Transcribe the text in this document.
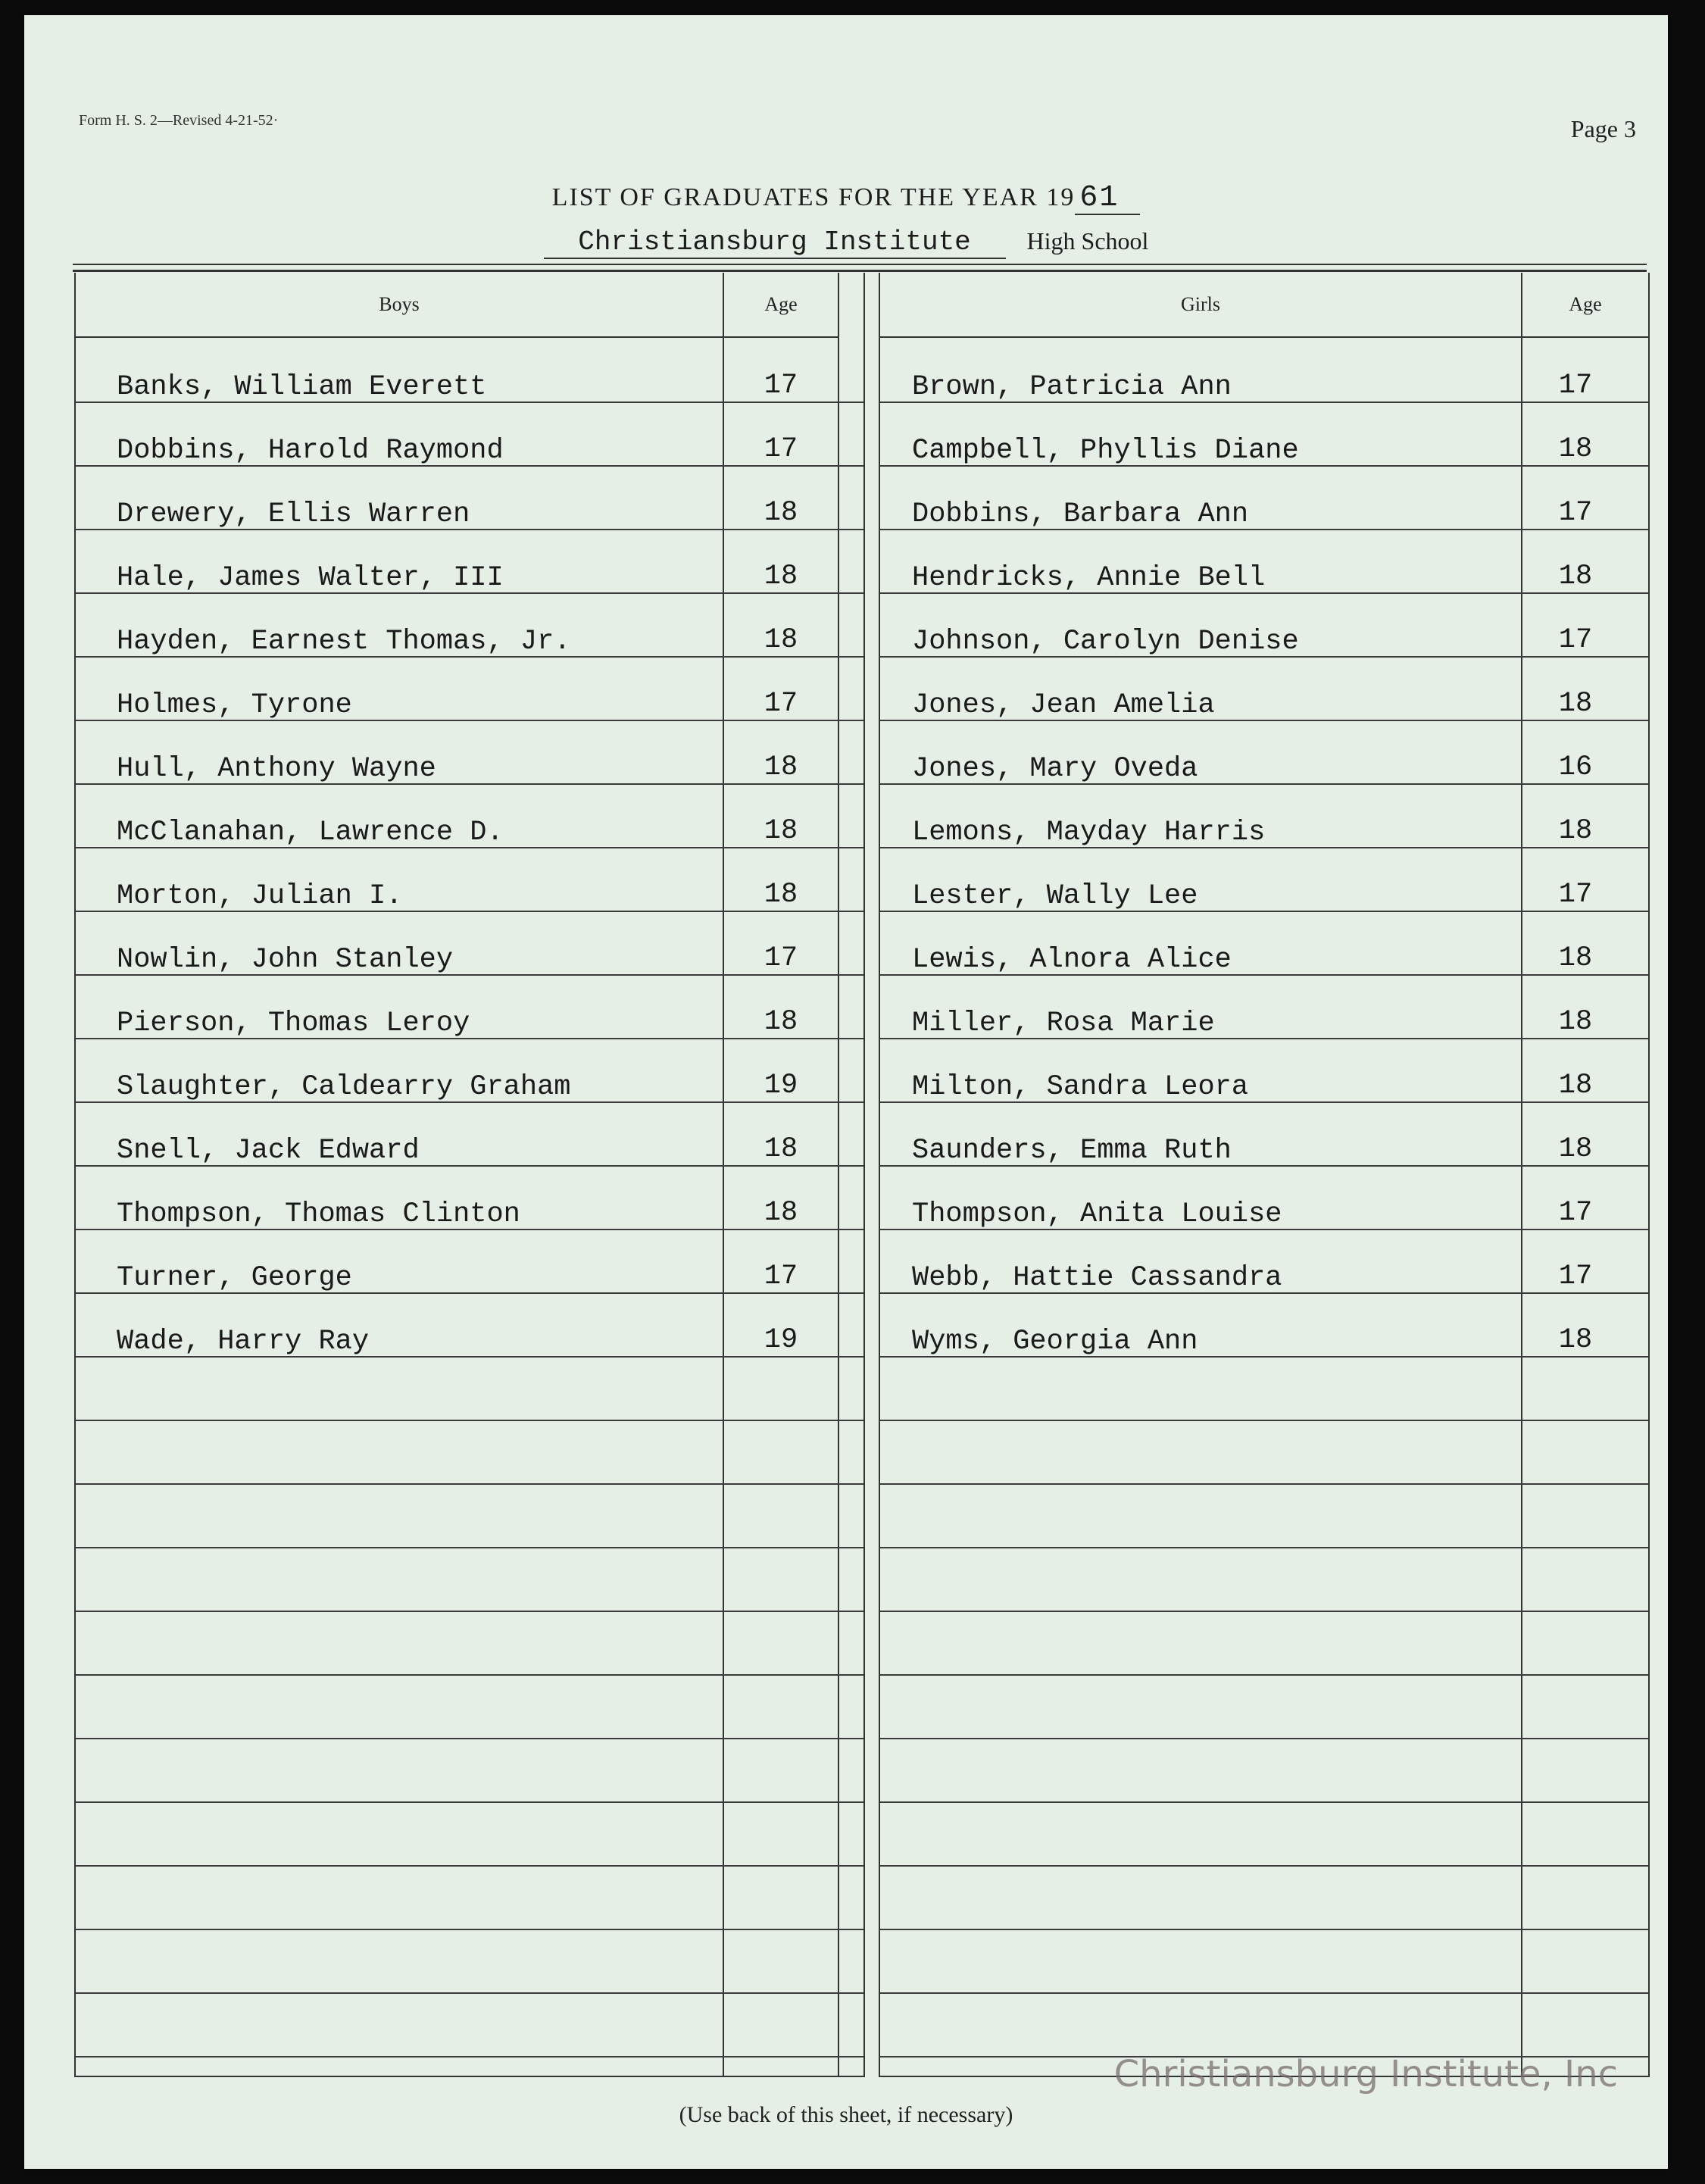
Form H. S. 2—Revised 4-21-52·	Page 3
LIST OF GRADUATES FOR THE YEAR 19 61
Christiansburg Institute High School
Boys	Age
Banks, William Everett	17
Dobbins, Harold Raymond	17
Drewery, Ellis Warren	18
Hale, James Walter, III	18
Hayden, Earnest Thomas, Jr.	18
Holmes, Tyrone	17
Hull, Anthony Wayne	18
McClanahan, Lawrence D.	18
Morton, Julian I.	18
Nowlin, John Stanley	17
Pierson, Thomas Leroy	18
Slaughter, Caldearry Graham	19
Snell, Jack Edward	18
Thompson, Thomas Clinton	18
Turner, George	17
Wade, Harry Ray	19
Girls	Age
Brown, Patricia Ann	17
Campbell, Phyllis Diane	18
Dobbins, Barbara Ann	17
Hendricks, Annie Bell	18
Johnson, Carolyn Denise	17
Jones, Jean Amelia	18
Jones, Mary Oveda	16
Lemons, Mayday Harris	18
Lester, Wally Lee	17
Lewis, Alnora Alice	18
Miller, Rosa Marie	18
Milton, Sandra Leora	18
Saunders, Emma Ruth	18
Thompson, Anita Louise	17
Webb, Hattie Cassandra	17
Wyms, Georgia Ann	18
(Use back of this sheet, if necessary)
Christiansburg Institute, Inc
